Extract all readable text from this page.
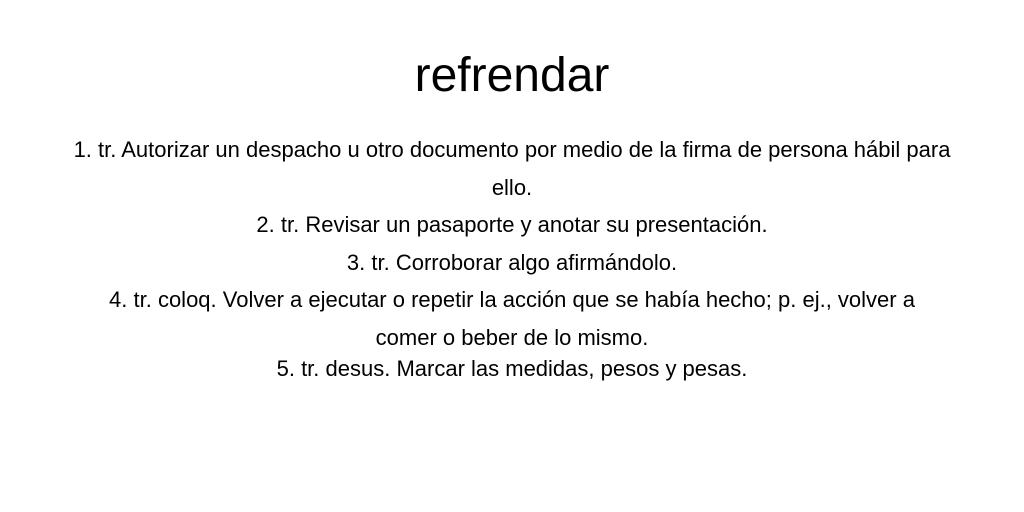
refrendar
1. tr. Autorizar un despacho u otro documento por medio de la firma de persona hábil para ello.
2. tr. Revisar un pasaporte y anotar su presentación.
3. tr. Corroborar algo afirmándolo.
4. tr. coloq. Volver a ejecutar o repetir la acción que se había hecho; p. ej., volver a comer o beber de lo mismo.
5. tr. desus. Marcar las medidas, pesos y pesas.
